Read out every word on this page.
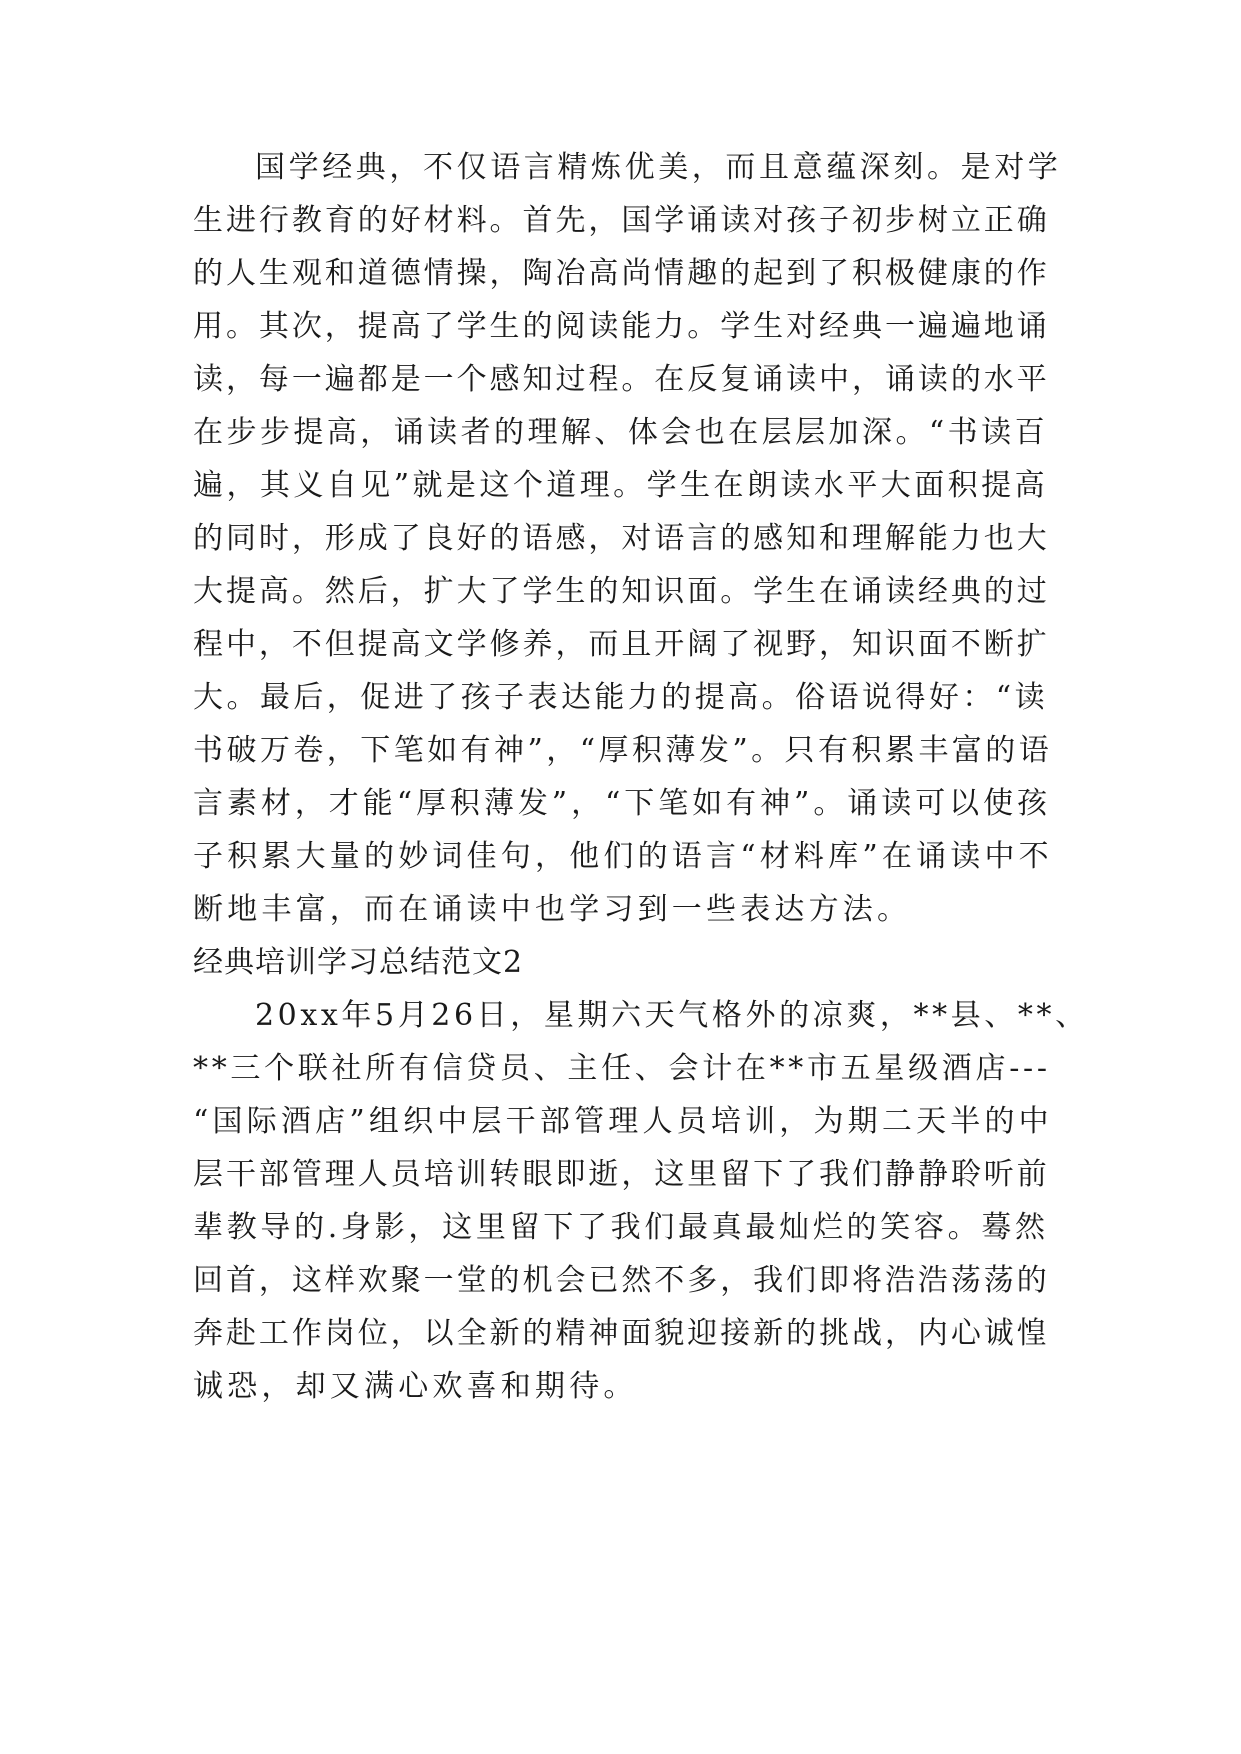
国学经典，不仅语言精炼优美，而且意蕴深刻。是对学
生进行教育的好材料。首先，国学诵读对孩子初步树立正确
的人生观和道德情操，陶冶高尚情趣的起到了积极健康的作
用。其次，提高了学生的阅读能力。学生对经典一遍遍地诵
读，每一遍都是一个感知过程。在反复诵读中，诵读的水平
在步步提高，诵读者的理解、体会也在层层加深。“书读百
遍，其义自见”就是这个道理。学生在朗读水平大面积提高
的同时，形成了良好的语感，对语言的感知和理解能力也大
大提高。然后，扩大了学生的知识面。学生在诵读经典的过
程中，不但提高文学修养，而且开阔了视野，知识面不断扩
大。最后，促进了孩子表达能力的提高。俗语说得好：“读
书破万卷，下笔如有神”，“厚积薄发”。只有积累丰富的语
言素材，才能“厚积薄发”，“下笔如有神”。诵读可以使孩
子积累大量的妙词佳句，他们的语言“材料库”在诵读中不
断地丰富，而在诵读中也学习到一些表达方法。
经典培训学习总结范文2
20xx年5月26日，星期六天气格外的凉爽，**县、**、
**三个联社所有信贷员、主任、会计在**市五星级酒店---
“国际酒店”组织中层干部管理人员培训，为期二天半的中
层干部管理人员培训转眼即逝，这里留下了我们静静聆听前
辈教导的.身影，这里留下了我们最真最灿烂的笑容。蓦然
回首，这样欢聚一堂的机会已然不多，我们即将浩浩荡荡的
奔赴工作岗位，以全新的精神面貌迎接新的挑战，内心诚惶
诚恐，却又满心欢喜和期待。
